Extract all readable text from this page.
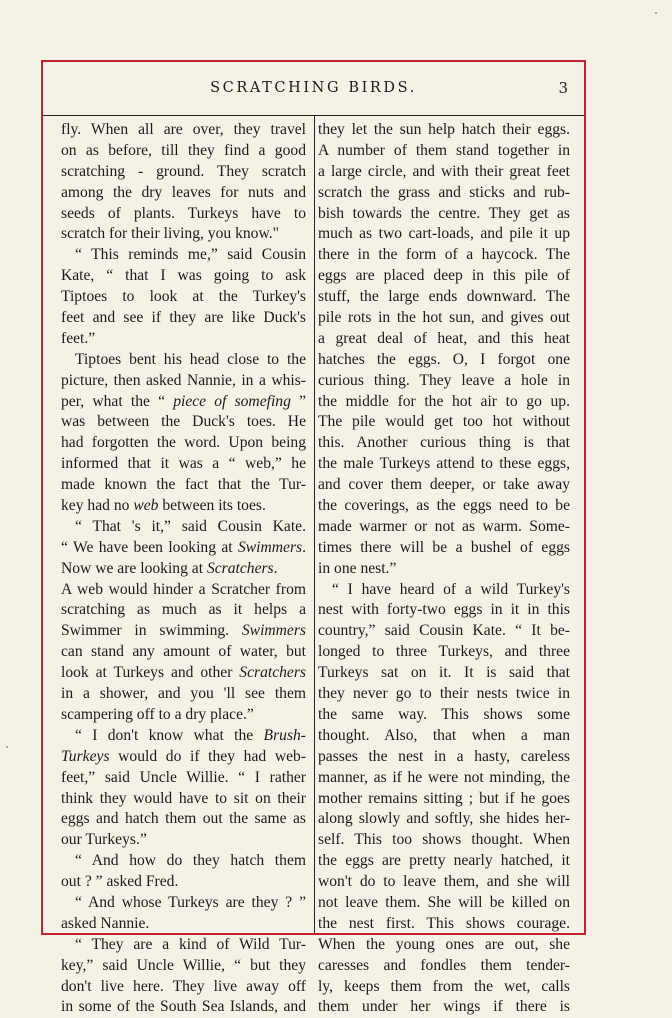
SCRATCHING BIRDS.	3
fly. When all are over, they travel
on as before, till they find a good
scratching - ground. They scratch
among the dry leaves for nuts and
seeds of plants. Turkeys have to
scratch for their living, you know."
“ This reminds me,” said Cousin
Kate, “ that I was going to ask
Tiptoes to look at the Turkey's
feet and see if they are like Duck's
feet.”
Tiptoes bent his head close to the
picture, then asked Nannie, in a whis-
per, what the “ piece of somefing ”
was between the Duck's toes. He
had forgotten the word. Upon being
informed that it was a “ web,” he
made known the fact that the Tur-
key had no web between its toes.
“ That 's it,” said Cousin Kate.
“ We have been looking at Swimmers.
Now we are looking at Scratchers.
A web would hinder a Scratcher from
scratching as much as it helps a
Swimmer in swimming. Swimmers
can stand any amount of water, but
look at Turkeys and other Scratchers
in a shower, and you 'll see them
scampering off to a dry place.”
“ I don't know what the Brush-
Turkeys would do if they had web-
feet,” said Uncle Willie. “ I rather
think they would have to sit on their
eggs and hatch them out the same as
our Turkeys.”
“ And how do they hatch them
out ? ” asked Fred.
“ And whose Turkeys are they ? ”
asked Nannie.
“ They are a kind of Wild Tur-
key,” said Uncle Willie, “ but they
don't live here. They live away off
in some of the South Sea Islands, and
they let the sun help hatch their eggs.
A number of them stand together in
a large circle, and with their great feet
scratch the grass and sticks and rub-
bish towards the centre. They get as
much as two cart-loads, and pile it up
there in the form of a haycock. The
eggs are placed deep in this pile of
stuff, the large ends downward. The
pile rots in the hot sun, and gives out
a great deal of heat, and this heat
hatches the eggs. O, I forgot one
curious thing. They leave a hole in
the middle for the hot air to go up.
The pile would get too hot without
this. Another curious thing is that
the male Turkeys attend to these eggs,
and cover them deeper, or take away
the coverings, as the eggs need to be
made warmer or not as warm. Some-
times there will be a bushel of eggs
in one nest.”
“ I have heard of a wild Turkey's
nest with forty-two eggs in it in this
country,” said Cousin Kate. “ It be-
longed to three Turkeys, and three
Turkeys sat on it. It is said that
they never go to their nests twice in
the same way. This shows some
thought. Also, that when a man
passes the nest in a hasty, careless
manner, as if he were not minding, the
mother remains sitting ; but if he goes
along slowly and softly, she hides her-
self. This too shows thought. When
the eggs are pretty nearly hatched, it
won't do to leave them, and she will
not leave them. She will be killed on
the nest first. This shows courage.
When the young ones are out, she
caresses and fondles them tender-
ly, keeps them from the wet, calls
them under her wings if there is
